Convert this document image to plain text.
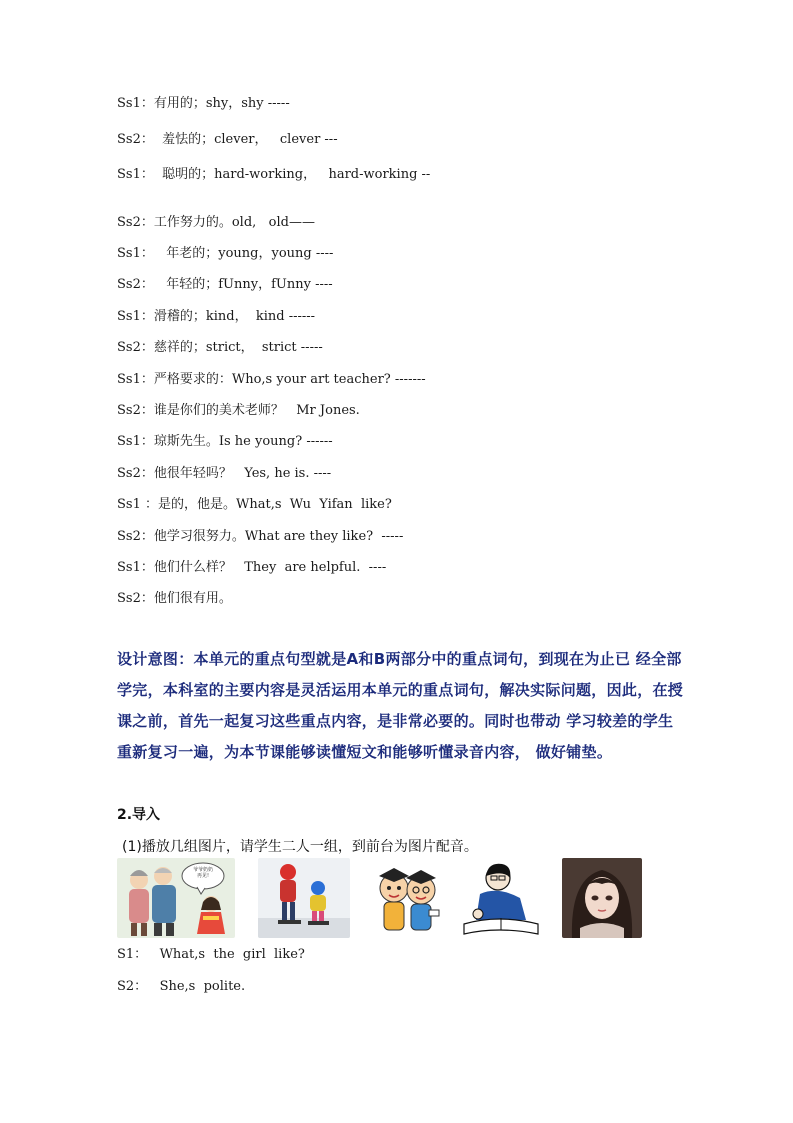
Ss1：有用的；shy，shy -----
Ss2：  羞怯的；clever，   clever ---
Ss1：  聪明的；hard-working，   hard-working --
Ss2：工作努力的。old,   old——
Ss1：   年老的；young，young ----
Ss2：   年轻的；fUnny，fUnny ----
Ss1：滑稽的；kind，  kind ------
Ss2：慈祥的；strict，  strict -----
Ss1：严格要求的：Who,s your art teacher? -------
Ss2：谁是你们的美术老师？   Mr Jones.
Ss1：琼斯先生。Is he young? ------
Ss2：他很年轻吗？   Yes, he is. ----
Ss1 ：是的，他是。What,s  Wu  Yifan  like?
Ss2：他学习很努力。What are they like?  -----
Ss1：他们什么样？   They  are helpful.  ----
Ss2：他们很有用。
设计意图：本单元的重点句型就是A和B两部分中的重点词句，到现在为止已 经全部学完，本科室的主要内容是灵活运用本单元的重点词句，解决实际问题，因此，在授课之前，首先一起复习这些重点内容，是非常必要的。同时也带动 学习较差的学生重新复习一遍，为本节课能够读懂短文和能够听懂录音内容， 做好铺垫。
2.导入
(1)播放几组图片，请学生二人一组，到前台为图片配音。
爷爷奶奶
再见!
S1：   What,s  the  girl  like?
S2：   She,s  polite.
